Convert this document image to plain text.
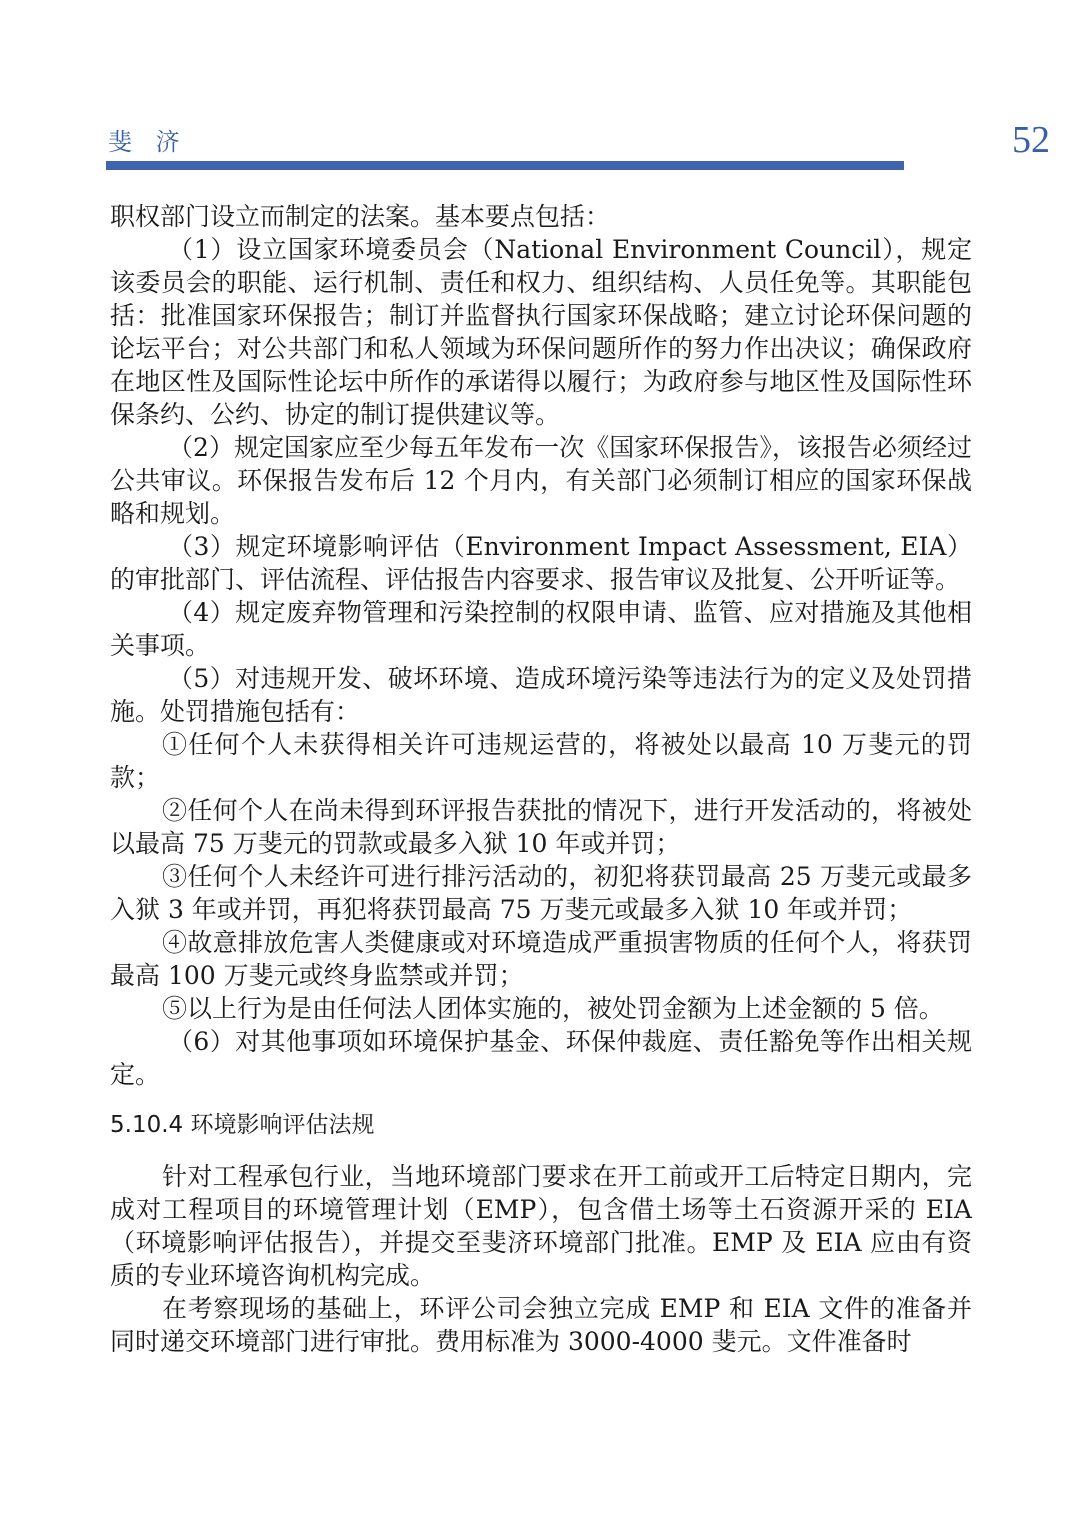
斐 济	52

职权部门设立而制定的法案。基本要点包括：

（1）设立国家环境委员会（National Environment Council），规定该委员会的职能、运行机制、责任和权力、组织结构、人员任免等。其职能包括：批准国家环保报告；制订并监督执行国家环保战略；建立讨论环保问题的论坛平台；对公共部门和私人领域为环保问题所作的努力作出决议；确保政府在地区性及国际性论坛中所作的承诺得以履行；为政府参与地区性及国际性环保条约、公约、协定的制订提供建议等。

（2）规定国家应至少每五年发布一次《国家环保报告》，该报告必须经过公共审议。环保报告发布后 12 个月内，有关部门必须制订相应的国家环保战略和规划。

（3）规定环境影响评估（Environment Impact Assessment, EIA）的审批部门、评估流程、评估报告内容要求、报告审议及批复、公开听证等。

（4）规定废弃物管理和污染控制的权限申请、监管、应对措施及其他相关事项。

（5）对违规开发、破坏环境、造成环境污染等违法行为的定义及处罚措施。处罚措施包括有：

①任何个人未获得相关许可违规运营的，将被处以最高 10 万斐元的罚款；

②任何个人在尚未得到环评报告获批的情况下，进行开发活动的，将被处以最高 75 万斐元的罚款或最多入狱 10 年或并罚；

③任何个人未经许可进行排污活动的，初犯将获罚最高 25 万斐元或最多入狱 3 年或并罚，再犯将获罚最高 75 万斐元或最多入狱 10 年或并罚；

④故意排放危害人类健康或对环境造成严重损害物质的任何个人，将获罚最高 100 万斐元或终身监禁或并罚；

⑤以上行为是由任何法人团体实施的，被处罚金额为上述金额的 5 倍。

（6）对其他事项如环境保护基金、环保仲裁庭、责任豁免等作出相关规定。

5.10.4 环境影响评估法规

针对工程承包行业，当地环境部门要求在开工前或开工后特定日期内，完成对工程项目的环境管理计划（EMP），包含借土场等土石资源开采的 EIA（环境影响评估报告），并提交至斐济环境部门批准。EMP 及 EIA 应由有资质的专业环境咨询机构完成。

在考察现场的基础上，环评公司会独立完成 EMP 和 EIA 文件的准备并同时递交环境部门进行审批。费用标准为 3000-4000 斐元。文件准备时
